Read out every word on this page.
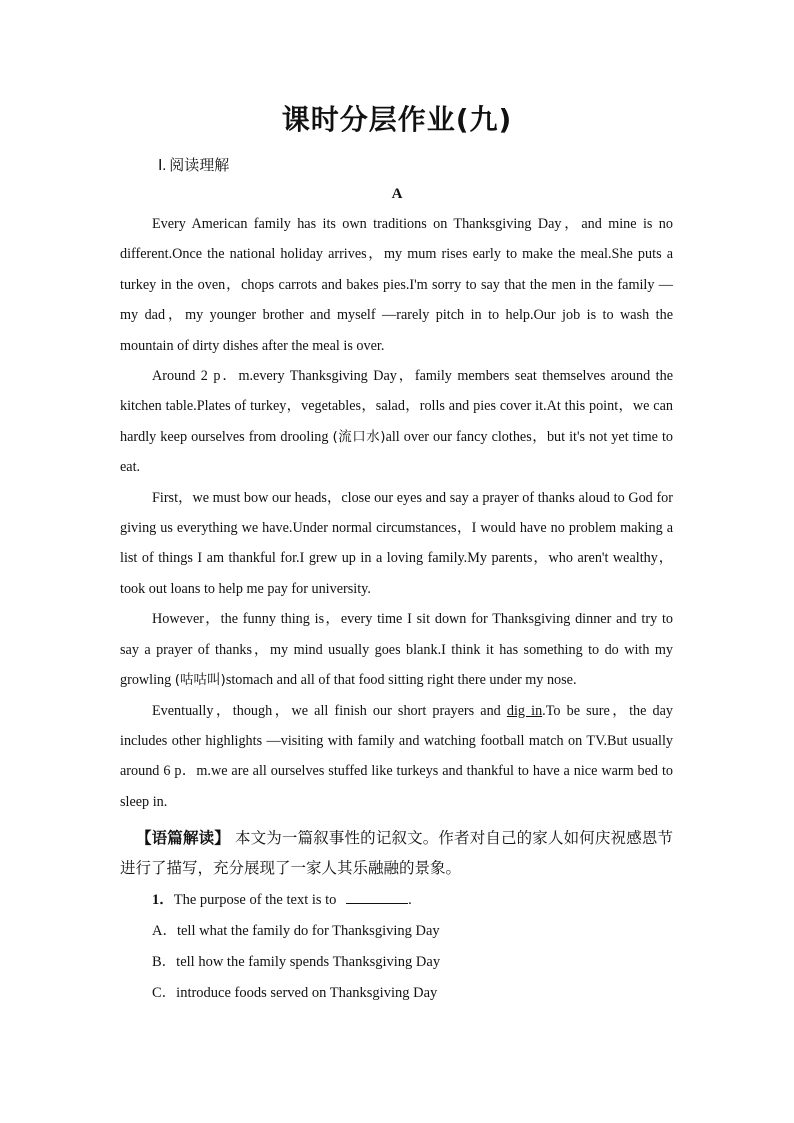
课时分层作业(九)
Ⅰ. 阅读理解
A

Every American family has its own traditions on Thanksgiving Day，and mine is no different.Once the national holiday arrives，my mum rises early to make the meal.She puts a turkey in the oven，chops carrots and bakes pies.I'm sorry to say that the men in the family —my dad，my younger brother and myself —rarely pitch in to help.Our job is to wash the mountain of dirty dishes after the meal is over.

Around 2 p．m.every Thanksgiving Day，family members seat themselves around the kitchen table.Plates of turkey，vegetables，salad，rolls and pies cover it.At this point，we can hardly keep ourselves from drooling (流口水)all over our fancy clothes，but it's not yet time to eat.

First，we must bow our heads，close our eyes and say a prayer of thanks aloud to God for giving us everything we have.Under normal circumstances，I would have no problem making a list of things I am thankful for.I grew up in a loving family.My parents，who aren't wealthy，took out loans to help me pay for university.

However，the funny thing is，every time I sit down for Thanksgiving dinner and try to say a prayer of thanks，my mind usually goes blank.I think it has something to do with my growling (咕咕叫)stomach and all of that food sitting right there under my nose.

Eventually，though，we all finish our short prayers and dig in.To be sure，the day includes other highlights —visiting with family and watching football match on TV.But usually around 6 p．m.we are all ourselves stuffed like turkeys and thankful to have a nice warm bed to sleep in.

【语篇解读】 本文为一篇叙事性的记叙文。作者对自己的家人如何庆祝感恩节进行了描写，充分展现了一家人其乐融融的景象。

1．The purpose of the text is to	.
A．tell what the family do for Thanksgiving Day
B．tell how the family spends Thanksgiving Day
C．introduce foods served on Thanksgiving Day
